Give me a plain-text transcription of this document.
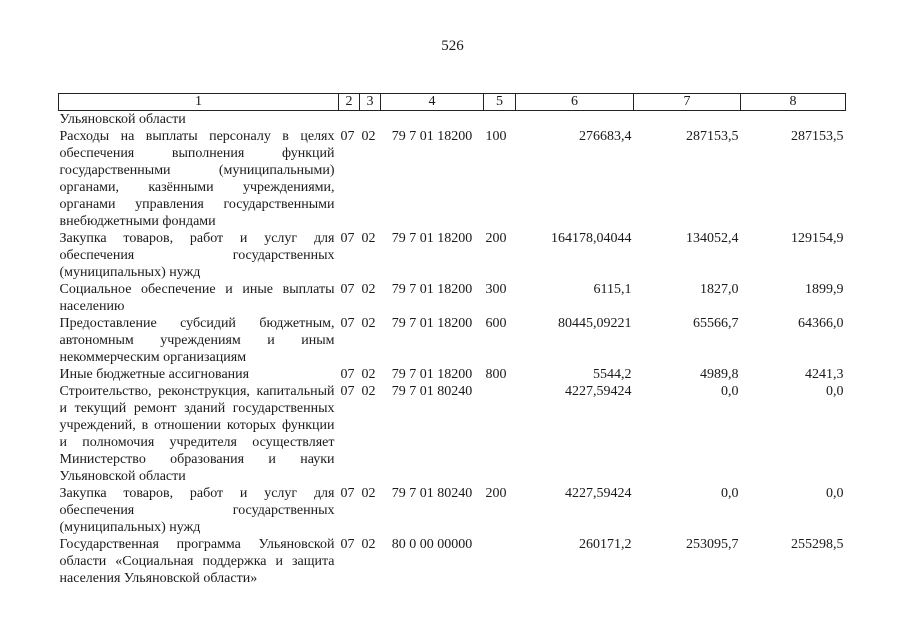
526
1	2	3	4	5	6	7	8
Ульяновской области							
Расходы на выплаты персоналу в целях обеспечения выполнения функций государственными (муниципальными) органами, казёнными учреждениями, органами управления государственными внебюджетными фондами	07	02	79 7 01 18200	100	276683,4	287153,5	287153,5
Закупка товаров, работ и услуг для обеспечения государственных (муниципальных) нужд	07	02	79 7 01 18200	200	164178,04044	134052,4	129154,9
Социальное обеспечение и иные выплаты населению	07	02	79 7 01 18200	300	6115,1	1827,0	1899,9
Предоставление субсидий бюджетным, автономным учреждениям и иным некоммерческим организациям	07	02	79 7 01 18200	600	80445,09221	65566,7	64366,0
Иные бюджетные ассигнования	07	02	79 7 01 18200	800	5544,2	4989,8	4241,3
Строительство, реконструкция, капитальный и текущий ремонт зданий государственных учреждений, в отношении которых функции и полномочия учредителя осуществляет Министерство образования и науки Ульяновской области	07	02	79 7 01 80240		4227,59424	0,0	0,0
Закупка товаров, работ и услуг для обеспечения государственных (муниципальных) нужд	07	02	79 7 01 80240	200	4227,59424	0,0	0,0
Государственная программа Ульяновской области «Социальная поддержка и защита населения Ульяновской области»	07	02	80 0 00 00000		260171,2	253095,7	255298,5
